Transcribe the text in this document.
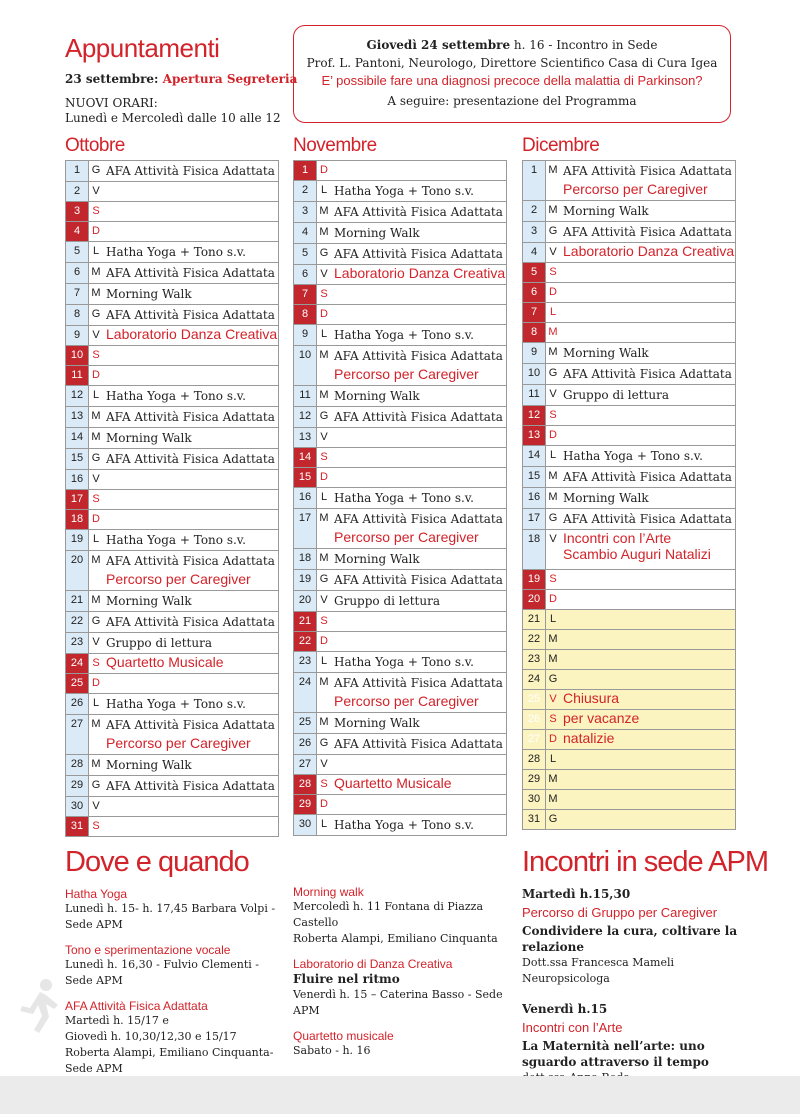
Appuntamenti
23 settembre: Apertura Segreteria
NUOVI ORARI:
Lunedì e Mercoledì dalle 10 alle 12
Giovedì 24 settembre h. 16 - Incontro in Sede
Prof. L. Pantoni, Neurologo, Direttore Scientifico Casa di Cura Igea
E’ possibile fare una diagnosi precoce della malattia di Parkinson?
A seguire: presentazione del Programma
Ottobre
1	G AFA Attività Fisica Adattata
2	V
3	S
4	D
5	L Hatha Yoga + Tono s.v.
6	M AFA Attività Fisica Adattata
7	M Morning Walk
8	G AFA Attività Fisica Adattata
9	V Laboratorio Danza Creativa
10 S
11 D
12 L Hatha Yoga + Tono s.v.
13 M AFA Attività Fisica Adattata
14 M Morning Walk
15 G AFA Attività Fisica Adattata
16 V
17 S
18 D
19 L Hatha Yoga + Tono s.v.
20 M AFA Attività Fisica Adattata
Percorso per Caregiver
21 M Morning Walk
22 G AFA Attività Fisica Adattata
23 V Gruppo di lettura
24 S Quartetto Musicale
25 D
26 L Hatha Yoga + Tono s.v.
27 M AFA Attività Fisica Adattata
Percorso per Caregiver
28 M Morning Walk
29 G AFA Attività Fisica Adattata
30 V
31 S
Novembre
1	D
2	L Hatha Yoga + Tono s.v.
3	M AFA Attività Fisica Adattata
4	M Morning Walk
5	G AFA Attività Fisica Adattata
6	V Laboratorio Danza Creativa
7	S
8	D
9	L Hatha Yoga + Tono s.v.
10 M AFA Attività Fisica Adattata
Percorso per Caregiver
11 M Morning Walk
12 G AFA Attività Fisica Adattata
13 V
14 S
15 D
16 L Hatha Yoga + Tono s.v.
17 M AFA Attività Fisica Adattata
Percorso per Caregiver
18 M Morning Walk
19 G AFA Attività Fisica Adattata
20 V Gruppo di lettura
21 S
22 D
23 L Hatha Yoga + Tono s.v.
24 M AFA Attività Fisica Adattata
Percorso per Caregiver
25 M Morning Walk
26 G AFA Attività Fisica Adattata
27 V
28 S Quartetto Musicale
29 D
30 L Hatha Yoga + Tono s.v.
Dicembre
1	M AFA Attività Fisica Adattata
Percorso per Caregiver
2	M Morning Walk
3	G AFA Attività Fisica Adattata
4	V Laboratorio Danza Creativa
5	S
6	D
7	L
8	M
9	M Morning Walk
10 G AFA Attività Fisica Adattata
11 V Gruppo di lettura
12 S
13 D
14 L Hatha Yoga + Tono s.v.
15 M AFA Attività Fisica Adattata
16 M Morning Walk
17 G AFA Attività Fisica Adattata
18 V Incontri con l’Arte
Scambio Auguri Natalizi
19 S
20 D
21 L
22 M
23 M
24 G
25 V Chiusura
26 S per vacanze
27 D natalizie
28 L
29 M
30 M
31 G
Dove e quando
Hatha Yoga
Lunedì h. 15- h. 17,45 Barbara Volpi - Sede APM
Tono e sperimentazione vocale
Lunedì h. 16,30 - Fulvio Clementi - Sede APM
AFA Attività Fisica Adattata
Martedì h. 15/17 e
Giovedì h. 10,30/12,30 e 15/17
Roberta Alampi, Emiliano Cinquanta- Sede APM
Morning walk
Mercoledì h. 11 Fontana di Piazza Castello
Roberta Alampi, Emiliano Cinquanta
Laboratorio di Danza Creativa
Fluire nel ritmo
Venerdì h. 15 – Caterina Basso - Sede APM
Quartetto musicale
Sabato - h. 16
Incontri in sede APM
Martedì h.15,30
Percorso di Gruppo per Caregiver
Condividere la cura, coltivare la relazione
Dott.ssa Francesca Mameli Neuropsicologa
Venerdì h.15
Incontri con l’Arte
La Maternità nell’arte: uno sguardo attraverso il tempo
